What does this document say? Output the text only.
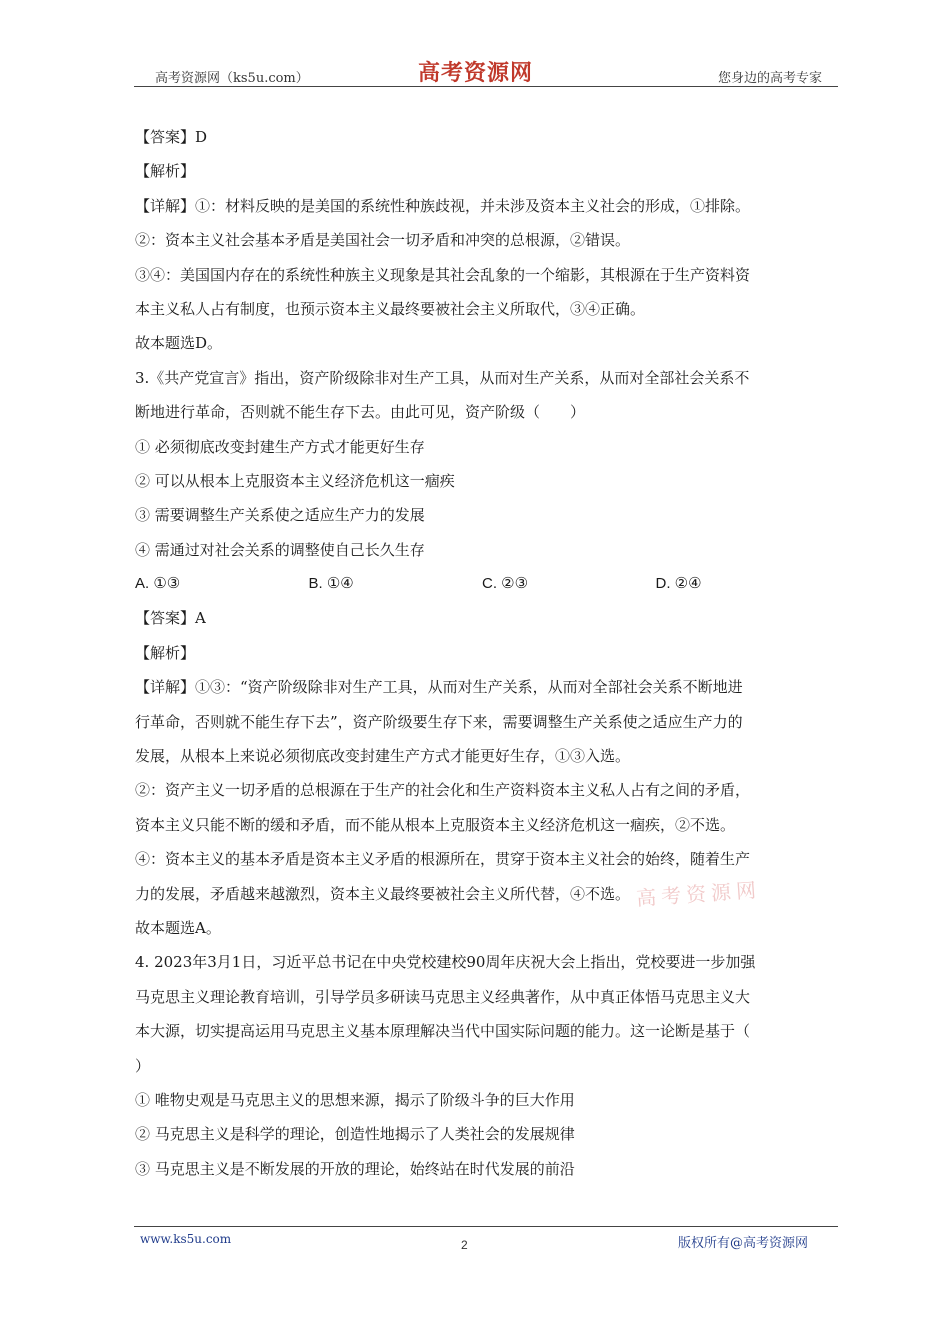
高考资源网（ks5u.com）	高考资源网	您身边的高考专家
【答案】D
【解析】
【详解】①：材料反映的是美国的系统性种族歧视，并未涉及资本主义社会的形成，①排除。
②：资本主义社会基本矛盾是美国社会一切矛盾和冲突的总根源，②错误。
③④：美国国内存在的系统性种族主义现象是其社会乱象的一个缩影，其根源在于生产资料资
本主义私人占有制度，也预示资本主义最终要被社会主义所取代，③④正确。
故本题选D。
3.《共产党宣言》指出，资产阶级除非对生产工具，从而对生产关系，从而对全部社会关系不
断地进行革命，否则就不能生存下去。由此可见，资产阶级（　　）
① 必须彻底改变封建生产方式才能更好生存
② 可以从根本上克服资本主义经济危机这一痼疾
③ 需要调整生产关系使之适应生产力的发展
④ 需通过对社会关系的调整使自己长久生存
A. ①③	B. ①④	C. ②③	D. ②④
【答案】A
【解析】
【详解】①③：“资产阶级除非对生产工具，从而对生产关系，从而对全部社会关系不断地进
行革命，否则就不能生存下去”，资产阶级要生存下来，需要调整生产关系使之适应生产力的
发展，从根本上来说必须彻底改变封建生产方式才能更好生存，①③入选。
②：资产主义一切矛盾的总根源在于生产的社会化和生产资料资本主义私人占有之间的矛盾，
资本主义只能不断的缓和矛盾，而不能从根本上克服资本主义经济危机这一痼疾，②不选。
④：资本主义的基本矛盾是资本主义矛盾的根源所在，贯穿于资本主义社会的始终，随着生产
力的发展，矛盾越来越激烈，资本主义最终要被社会主义所代替，④不选。
故本题选A。
4. 2023年3月1日，习近平总书记在中央党校建校90周年庆祝大会上指出，党校要进一步加强
马克思主义理论教育培训，引导学员多研读马克思主义经典著作，从中真正体悟马克思主义大
本大源，切实提高运用马克思主义基本原理解决当代中国实际问题的能力。这一论断是基于（
）
① 唯物史观是马克思主义的思想来源，揭示了阶级斗争的巨大作用
② 马克思主义是科学的理论，创造性地揭示了人类社会的发展规律
③ 马克思主义是不断发展的开放的理论，始终站在时代发展的前沿
高考资源网
www.ks5u.com	2	版权所有@高考资源网
